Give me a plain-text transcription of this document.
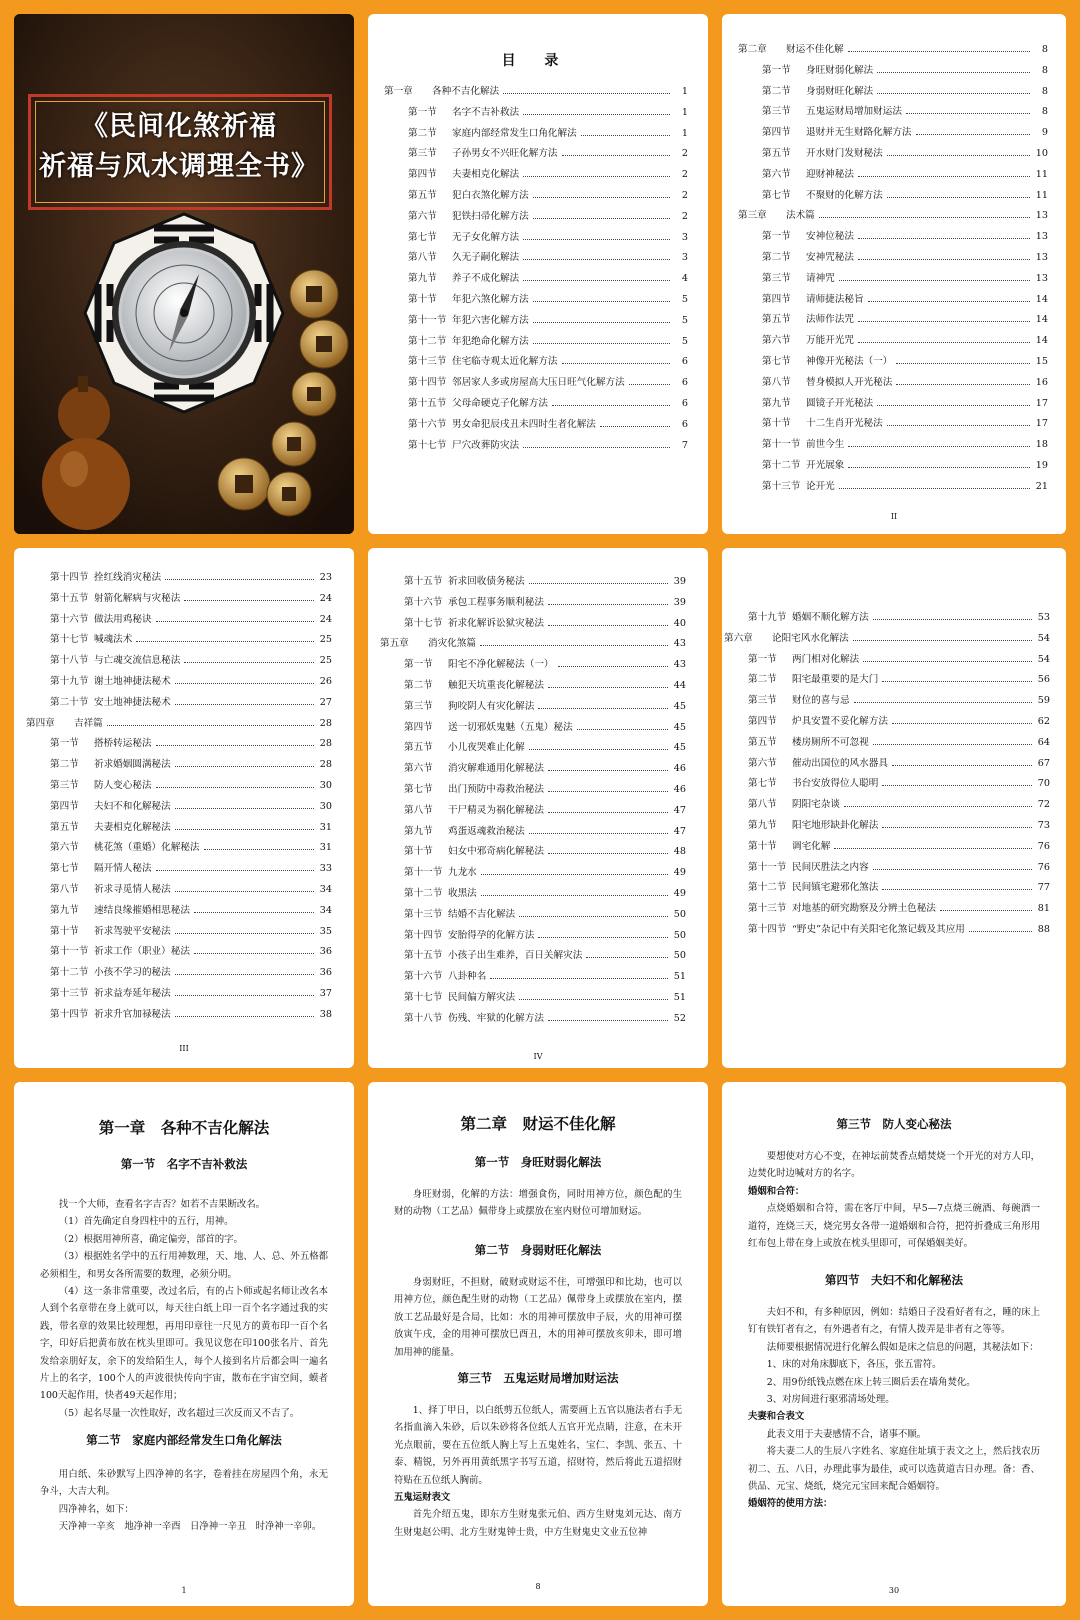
《民间化煞祈福
祈福与风水调理全书》
目 录
第一章	各种不吉化解法	1
第一节	名字不吉补救法	1
第二节	家庭内部经常发生口角化解法	1
第三节	子孙男女不兴旺化解方法	2
第四节	夫妻相克化解法	2
第五节	犯白衣煞化解方法	2
第六节	犯铁扫帚化解方法	2
第七节	无子女化解方法	3
第八节	久无子嗣化解法	3
第九节	养子不成化解法	4
第十节	年犯六煞化解方法	5
第十一节 年犯六害化解方法	5
第十二节 年犯绝命化解方法	5
第十三节 住宅临寺观太近化解方法	6
第十四节 邻居家人多或房屋高大压日旺气化解方法	6
第十五节 父母命硬克子化解方法	6
第十六节 男女命犯辰戌丑未四时生者化解法	6
第十七节 尸穴改葬防灾法	7
第二章	财运不佳化解	8
第一节	身旺财弱化解法	8
第二节	身弱财旺化解法	8
第三节	五鬼运财局增加财运法	8
第四节	退财并无生财路化解方法	9
第五节	开水财门发财秘法	10
第六节	迎财神秘法	11
第七节	不聚财的化解方法	11
第三章	法术篇	13
第一节	安神位秘法	13
第二节	安神咒秘法	13
第三节	请神咒	13
第四节	请师捷法秘旨	14
第五节	法师作法咒	14
第六节	万能开光咒	14
第七节	神像开光秘法（一）	15
第八节	替身模拟人开光秘法	16
第九节	圆镜子开光秘法	17
第十节	十二生肖开光秘法	17
第十一节 前世今生	18
第十二节 开光展象	19
第十三节 论开光	21
II
第十四节 拴红线消灾秘法	23
第十五节 射箭化解病与灾秘法	24
第十六节 做法用鸡秘诀	24
第十七节 喊魂法术	25
第十八节 与亡魂交流信息秘法	25
第十九节 谢土地神捷法秘术	26
第二十节 安土地神捷法秘术	27
第四章	吉祥篇	28
第一节	搭桥转运秘法	28
第二节	祈求婚姻圆满秘法	28
第三节	防人变心秘法	30
第四节	夫妇不和化解秘法	30
第五节	夫妻相克化解秘法	31
第六节	桃花煞（重婚）化解秘法	31
第七节	隔开情人秘法	33
第八节	祈求寻觅情人秘法	34
第九节	速结良缘摧婚相思秘法	34
第十节	祈求驾驶平安秘法	35
第十一节 祈求工作（职业）秘法	36
第十二节 小孩不学习的秘法	36
第十三节 祈求益寿延年秘法	37
第十四节 祈求升官加禄秘法	38
III
第十五节 祈求回收债务秘法	39
第十六节 承包工程事务顺利秘法	39
第十七节 祈求化解诉讼狱灾秘法	40
第五章	消灾化煞篇	43
第一节	阳宅不净化解秘法（一）	43
第二节	触犯天坑重丧化解秘法	44
第三节	狗咬阴人有灾化解法	45
第四节	送一切邪妖鬼魅（五鬼）秘法	45
第五节	小儿夜哭难止化解	45
第六节	消灾解难通用化解秘法	46
第七节	出门预防中毒救治秘法	46
第八节	干尸精灵为祸化解秘法	47
第九节	鸡蛋返魂救治秘法	47
第十节	妇女中邪奇病化解秘法	48
第十一节 九龙水	49
第十二节 收黑法	49
第十三节 结婚不吉化解法	50
第十四节 安胎得孕的化解方法	50
第十五节 小孩子出生难养，百日关解灾法	50
第十六节 八卦种名	51
第十七节 民间偏方解灾法	51
第十八节 伤残、牢狱的化解方法	52
IV
第十九节 婚姻不顺化解方法	53
第六章	论阳宅风水化解法	54
第一节	两门相对化解法	54
第二节	阳宅最重要的是大门	56
第三节	财位的喜与忌	59
第四节	炉具安置不妥化解方法	62
第五节	楼房厕所不可忽视	64
第六节	催动出国位的风水器具	67
第七节	书台安放得位人聪明	70
第八节	阴阳宅杂谈	72
第九节	阳宅地形缺卦化解法	73
第十节	调宅化解	76
第十一节 民间厌胜法之内容	76
第十二节 民间镇宅避邪化煞法	77
第十三节 对地基的研究勘察及分辨土色秘法	81
第十四节 “野史”杂记中有关阳宅化煞记载及其应用	88
第一章　各种不吉化解法
第一节　名字不吉补救法

找一个大师，查看名字吉否？如若不吉果断改名。

（1）首先确定自身四柱中的五行，用神。

（2）根据用神所喜，确定偏旁，部首的字。

（3）根据姓名学中的五行用神数理，天、地、人、总、外五格都必须相生，和男女各所需要的数理，必须分明。

（4）这一条非常重要，改过名后，有的占卜师或起名师让改名本人到个名章带在身上就可以，每天往白纸上印一百个名字通过我的实践，带名章的效果比较理想，再用印章往一尺见方的黄布印一百个名字，印好后把黄布放在枕头里即可。我见议您在印100张名片、首先发给亲朋好友，余下的发给陌生人，每个人接到名片后都会叫一遍名片上的名字，100个人的声波很快传向宇宙，散布在宇宙空间，蟆者100天起作用，快者49天起作用；

（5）起名尽量一次性取好，改名超过三次反而又不吉了。

第二节　家庭内部经常发生口角化解法

用白纸、朱砂默写上四净神的名字，卷着挂在房屋四个角，永无争斗，大吉大利。

四净神名，如下：

天净神一辛亥　地净神一辛酉　日净神一辛丑　时净神一辛卯。

1
第二章　财运不佳化解
第一节　身旺财弱化解法

身旺财弱，化解的方法：增强食伤，同时用神方位，颜色配的生财的动物（工艺品）佩带身上或摆放在室内财位可增加财运。

第二节　身弱财旺化解法

身弱财旺，不担财，破财或财运不住，可增强印和比劫，也可以用神方位，颜色配生财的动物（工艺品）佩带身上或摆放在室内，摆放工艺品最好是合局，比如：水的用神可摆放申子辰，火的用神可摆放寅午戌，金的用神可摆放巳酉丑，木的用神可摆放亥卯未，即可增加用神的能量。

第三节　五鬼运财局增加财运法

1、择丁甲日，以白纸剪五位纸人，需要画上五官以施法者右手无名指血滴入朱砂，后以朱砂将各位纸人五官开光点睛，注意，在未开光点眼前，要在五位纸人胸上写上五鬼姓名，宝仁、李凯、张五、十泰、精锐，另外再用黄纸黑字书写五道，招财符，然后将此五道招财符贴在五位纸人胸前。

五鬼运财表文

首先介绍五鬼，即东方生财鬼张元伯、西方生财鬼刘元达、南方生财鬼赵公明、北方生财鬼钟士贵，中方生财鬼史文业五位神

8
第三节　防人变心秘法

要想使对方心不变，在神坛前焚香点蜡焚烧一个开光的对方人印，边焚化时边喊对方的名字。

婚姻和合符：

点烧婚姻和合符，需在客厅中间，早5—7点烧三碗酒、每碗酒一道符，连烧三天，烧完男女各带一道婚姻和合符，把符折叠成三角形用红布包上带在身上或放在枕头里即可，可保婚姻美好。

第四节　夫妇不和化解秘法

夫妇不和，有多种原因，例如：结婚日子没看好者有之，睡的床上钉有铁钉者有之，有外遇者有之，有情人拨弄是非者有之等等。

法师要根据情况进行化解么假如是床之信息的问题，其秘法如下：

1、床的对角床脚底下，各压，张五雷符。

2、用9份纸钱点燃在床上转三圈后丢在墙角焚化。

3、对房间进行驱邪清场处理。

夫妻和合表文

此表文用于夫妻感情不合，诸事不顺。

将夫妻二人的生辰八字姓名、家庭住址填于表文之上，然后找农历初二、五、八日，办理此事为最佳，或可以选黄道吉日办理。备：香、供品、元宝、烧纸，烧完元宝回来配合婚姻符。

婚姻符的使用方法：

30
